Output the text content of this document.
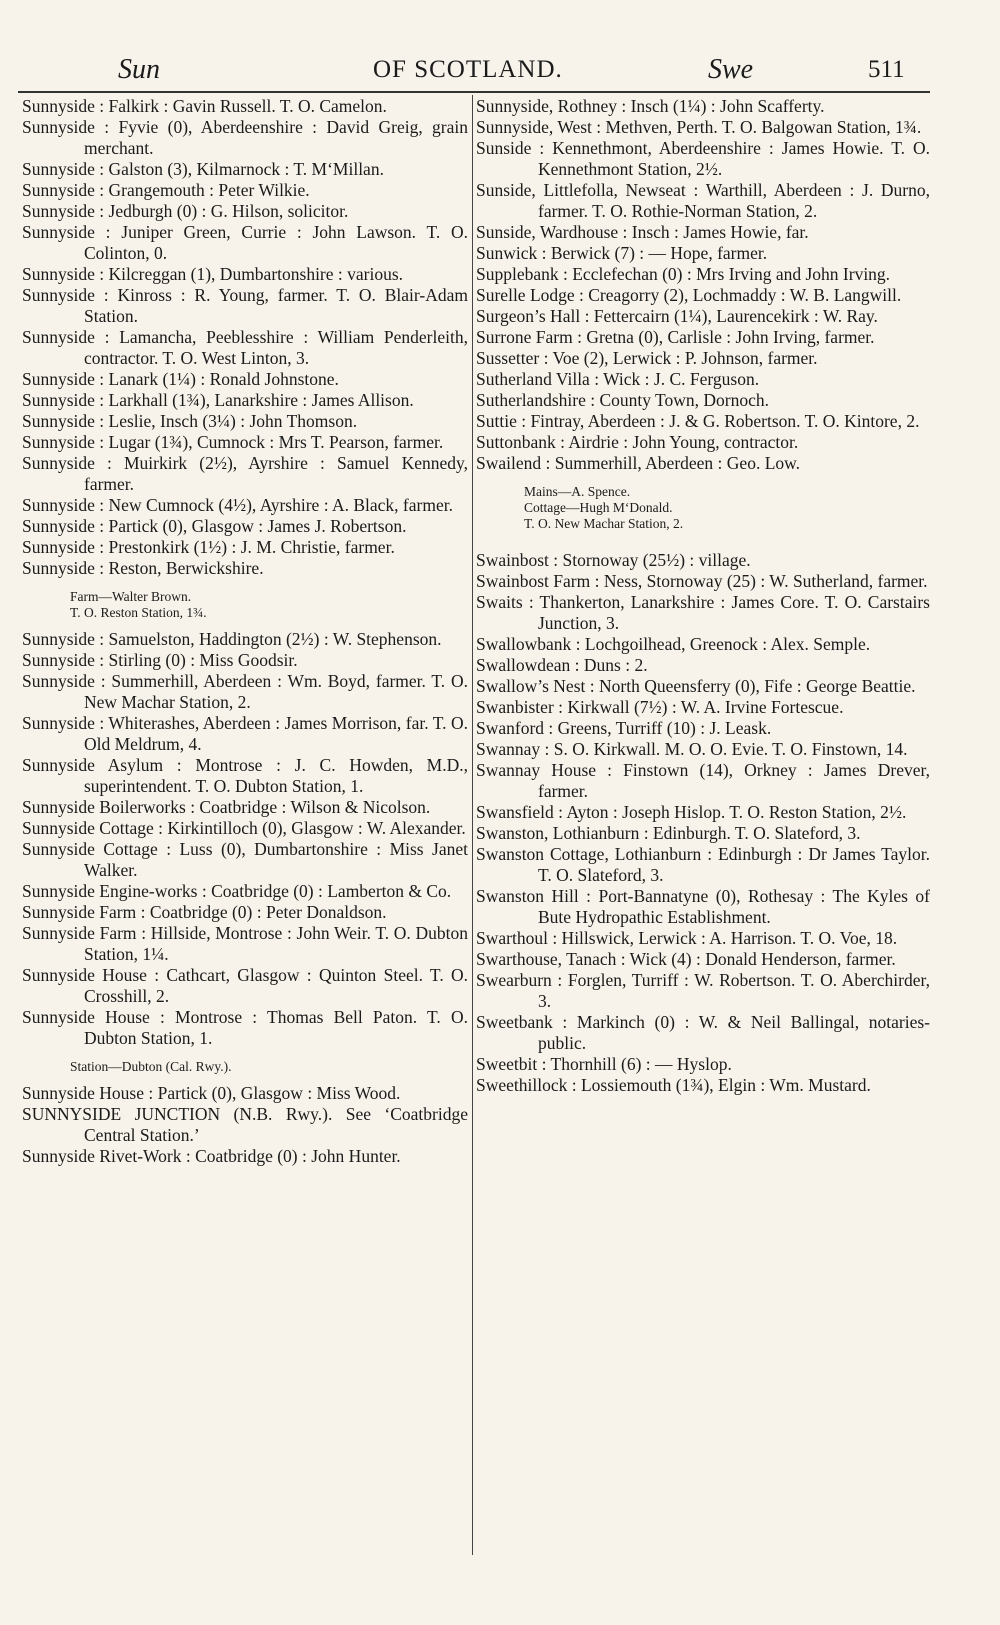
Sun	OF SCOTLAND.	Swe	511

Sunnyside : Falkirk : Gavin Russell. T. O. Camelon.

Sunnyside : Fyvie (0), Aberdeenshire : David Greig, grain merchant.

Sunnyside : Galston (3), Kilmarnock : T. M‘Millan.

Sunnyside : Grangemouth : Peter Wilkie.

Sunnyside : Jedburgh (0) : G. Hilson, solicitor.

Sunnyside : Juniper Green, Currie : John Lawson. T. O. Colinton, 0.

Sunnyside : Kilcreggan (1), Dumbartonshire : various.

Sunnyside : Kinross : R. Young, farmer. T. O. Blair-Adam Station.

Sunnyside : Lamancha, Peeblesshire : William Penderleith, contractor. T. O. West Linton, 3.

Sunnyside : Lanark (1¼) : Ronald Johnstone.

Sunnyside : Larkhall (1¾), Lanarkshire : James Allison.

Sunnyside : Leslie, Insch (3¼) : John Thomson.

Sunnyside : Lugar (1¾), Cumnock : Mrs T. Pearson, farmer.

Sunnyside : Muirkirk (2½), Ayrshire : Samuel Kennedy, farmer.

Sunnyside : New Cumnock (4½), Ayrshire : A. Black, farmer.

Sunnyside : Partick (0), Glasgow : James J. Robertson.

Sunnyside : Prestonkirk (1½) : J. M. Christie, farmer.

Sunnyside : Reston, Berwickshire.

Farm—Walter Brown.
T. O. Reston Station, 1¾.

Sunnyside : Samuelston, Haddington (2½) : W. Stephenson.

Sunnyside : Stirling (0) : Miss Goodsir.

Sunnyside : Summerhill, Aberdeen : Wm. Boyd, farmer. T. O. New Machar Station, 2.

Sunnyside : Whiterashes, Aberdeen : James Morrison, far. T. O. Old Meldrum, 4.

Sunnyside Asylum : Montrose : J. C. Howden, M.D., superintendent. T. O. Dubton Station, 1.

Sunnyside Boilerworks : Coatbridge : Wilson & Nicolson.

Sunnyside Cottage : Kirkintilloch (0), Glasgow : W. Alexander.

Sunnyside Cottage : Luss (0), Dumbartonshire : Miss Janet Walker.

Sunnyside Engine-works : Coatbridge (0) : Lamberton & Co.

Sunnyside Farm : Coatbridge (0) : Peter Donaldson.

Sunnyside Farm : Hillside, Montrose : John Weir. T. O. Dubton Station, 1¼.

Sunnyside House : Cathcart, Glasgow : Quinton Steel. T. O. Crosshill, 2.

Sunnyside House : Montrose : Thomas Bell Paton. T. O. Dubton Station, 1.

Station—Dubton (Cal. Rwy.).

Sunnyside House : Partick (0), Glasgow : Miss Wood.

SUNNYSIDE JUNCTION (N.B. Rwy.). See ‘Coatbridge Central Station.’

Sunnyside Rivet-Work : Coatbridge (0) : John Hunter.

Sunnyside, Rothney : Insch (1¼) : John Scafferty.

Sunnyside, West : Methven, Perth. T. O. Balgowan Station, 1¾.

Sunside : Kennethmont, Aberdeenshire : James Howie. T. O. Kennethmont Station, 2½.

Sunside, Littlefolla, Newseat : Warthill, Aberdeen : J. Durno, farmer. T. O. Rothie-Norman Station, 2.

Sunside, Wardhouse : Insch : James Howie, far.

Sunwick : Berwick (7) : — Hope, farmer.

Supplebank : Ecclefechan (0) : Mrs Irving and John Irving.

Surelle Lodge : Creagorry (2), Lochmaddy : W. B. Langwill.

Surgeon’s Hall : Fettercairn (1¼), Laurencekirk : W. Ray.

Surrone Farm : Gretna (0), Carlisle : John Irving, farmer.

Sussetter : Voe (2), Lerwick : P. Johnson, farmer.

Sutherland Villa : Wick : J. C. Ferguson.

Sutherlandshire : County Town, Dornoch.

Suttie : Fintray, Aberdeen : J. & G. Robertson. T. O. Kintore, 2.

Suttonbank : Airdrie : John Young, contractor.

Swailend : Summerhill, Aberdeen : Geo. Low.

Mains—A. Spence.
Cottage—Hugh M‘Donald.
T. O. New Machar Station, 2.

Swainbost : Stornoway (25½) : village.

Swainbost Farm : Ness, Stornoway (25) : W. Sutherland, farmer.

Swaits : Thankerton, Lanarkshire : James Core. T. O. Carstairs Junction, 3.

Swallowbank : Lochgoilhead, Greenock : Alex. Semple.

Swallowdean : Duns : 2.

Swallow’s Nest : North Queensferry (0), Fife : George Beattie.

Swanbister : Kirkwall (7½) : W. A. Irvine Fortescue.

Swanford : Greens, Turriff (10) : J. Leask.

Swannay : S. O. Kirkwall. M. O. O. Evie. T. O. Finstown, 14.

Swannay House : Finstown (14), Orkney : James Drever, farmer.

Swansfield : Ayton : Joseph Hislop. T. O. Reston Station, 2½.

Swanston, Lothianburn : Edinburgh. T. O. Slateford, 3.

Swanston Cottage, Lothianburn : Edinburgh : Dr James Taylor. T. O. Slateford, 3.

Swanston Hill : Port-Bannatyne (0), Rothesay : The Kyles of Bute Hydropathic Establishment.

Swarthoul : Hillswick, Lerwick : A. Harrison. T. O. Voe, 18.

Swarthouse, Tanach : Wick (4) : Donald Henderson, farmer.

Swearburn : Forglen, Turriff : W. Robertson. T. O. Aberchirder, 3.

Sweetbank : Markinch (0) : W. & Neil Ballingal, notaries-public.

Sweetbit : Thornhill (6) : — Hyslop.

Sweethillock : Lossiemouth (1¾), Elgin : Wm. Mustard.
